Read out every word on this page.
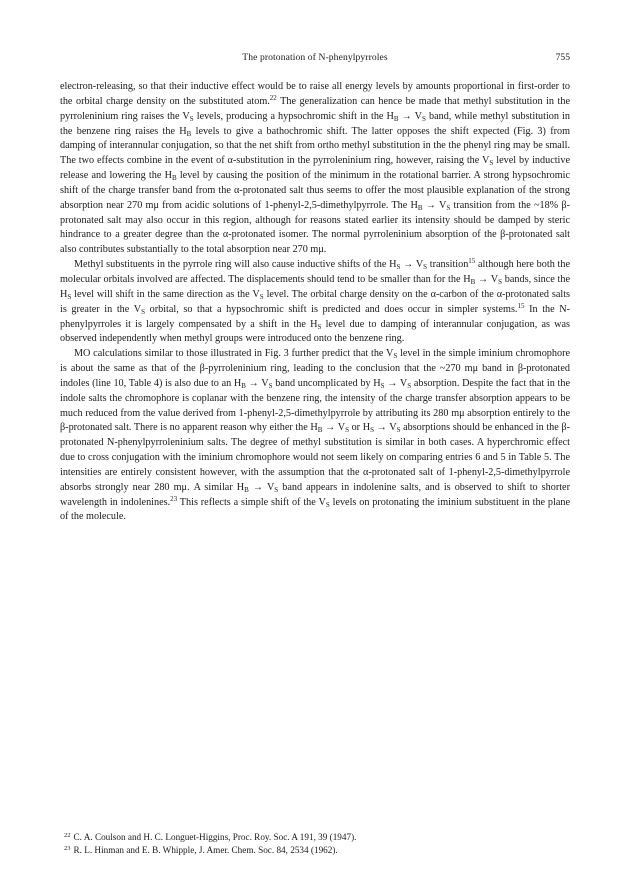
The protonation of N-phenylpyrroles	755

electron-releasing, so that their inductive effect would be to raise all energy levels by amounts proportional in first-order to the orbital charge density on the substituted atom.$^{22}$ The generalization can hence be made that methyl substitution in the pyrroleninium ring raises the $V_S$ levels, producing a hypsochromic shift in the $H_B \to V_S$ band, while methyl substitution in the benzene ring raises the $H_B$ levels to give a bathochromic shift. The latter opposes the shift expected (Fig. 3) from damping of interannular conjugation, so that the net shift from ortho methyl substitution in the the phenyl ring may be small. The two effects combine in the event of α-substitution in the pyrroleninium ring, however, raising the $V_S$ level by inductive release and lowering the $H_B$ level by causing the position of the minimum in the rotational barrier. A strong hypsochromic shift of the charge transfer band from the α-protonated salt thus seems to offer the most plausible explanation of the strong absorption near 270 mμ from acidic solutions of 1-phenyl-2,5-dimethylpyrrole. The $H_B \to V_S$ transition from the ~18% β-protonated salt may also occur in this region, although for reasons stated earlier its intensity should be damped by steric hindrance to a greater degree than the α-protonated isomer. The normal pyrroleninium absorption of the β-protonated salt also contributes substantially to the total absorption near 270 mμ.

Methyl substituents in the pyrrole ring will also cause inductive shifts of the $H_S \to V_S$ transition$^{15}$ although here both the molecular orbitals involved are affected. The displacements should tend to be smaller than for the $H_B \to V_S$ bands, since the $H_S$ level will shift in the same direction as the $V_S$ level. The orbital charge density on the α-carbon of the α-protonated salts is greater in the $V_S$ orbital, so that a hypsochromic shift is predicted and does occur in simpler systems.$^{15}$ In the N-phenylpyrroles it is largely compensated by a shift in the $H_S$ level due to damping of interannular conjugation, as was observed independently when methyl groups were introduced onto the benzene ring.

MO calculations similar to those illustrated in Fig. 3 further predict that the $V_S$ level in the simple iminium chromophore is about the same as that of the β-pyrroleninium ring, leading to the conclusion that the ~270 mμ band in β-protonated indoles (line 10, Table 4) is also due to an $H_B \to V_S$ band uncomplicated by $H_S \to V_S$ absorption. Despite the fact that in the indole salts the chromophore is coplanar with the benzene ring, the intensity of the charge transfer absorption appears to be much reduced from the value derived from 1-phenyl-2,5-dimethylpyrrole by attributing its 280 mμ absorption entirely to the β-protonated salt. There is no apparent reason why either the $H_B \to V_S$ or $H_S \to V_S$ absorptions should be enhanced in the β-protonated N-phenylpyrroleninium salts. The degree of methyl substitution is similar in both cases. A hyperchromic effect due to cross conjugation with the iminium chromophore would not seem likely on comparing entries 6 and 5 in Table 5. The intensities are entirely consistent however, with the assumption that the α-protonated salt of 1-phenyl-2,5-dimethylpyrrole absorbs strongly near 280 mμ. A similar $H_B \to V_S$ band appears in indolenine salts, and is observed to shift to shorter wavelength in indolenines.$^{23}$ This reflects a simple shift of the $V_S$ levels on protonating the iminium substituent in the plane of the molecule.

$^{22}$ C. A. Coulson and H. C. Longuet-Higgins, Proc. Roy. Soc. A 191, 39 (1947).

$^{23}$ R. L. Hinman and E. B. Whipple, J. Amer. Chem. Soc. 84, 2534 (1962).
